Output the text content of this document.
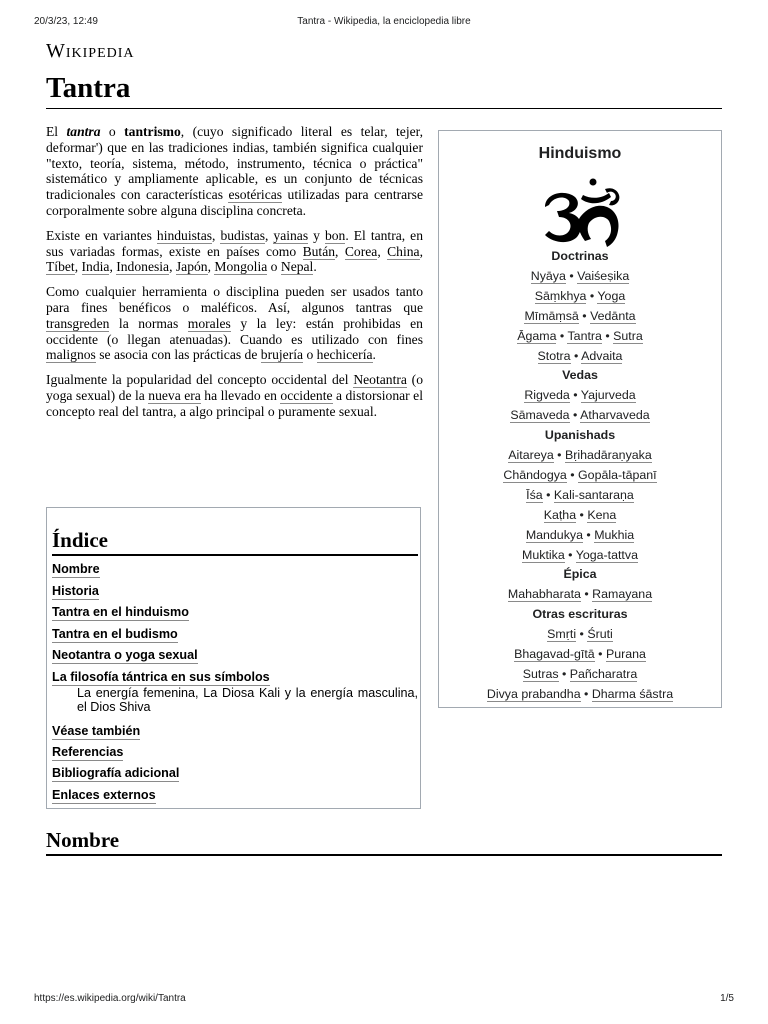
20/3/23, 12:49	Tantra - Wikipedia, la enciclopedia libre
Wikipedia
Tantra

El tantra o tantrismo, (cuyo significado literal es telar, tejer, deformar') que en las tradiciones indias, también significa cualquier "texto, teoría, sistema, método, instrumento, técnica o práctica" sistemático y ampliamente aplicable, es un conjunto de técnicas tradicionales con características esotéricas utilizadas para centrarse corporalmente sobre alguna disciplina concreta.

Existe en variantes hinduistas, budistas, yainas y bon. El tantra, en sus variadas formas, existe en países como Bután, Corea, China, Tíbet, India, Indonesia, Japón, Mongolia o Nepal.

Como cualquier herramienta o disciplina pueden ser usados tanto para fines benéficos o maléficos. Así, algunos tantras que transgreden la normas morales y la ley: están prohibidas en occidente (o llegan atenuadas). Cuando es utilizado con fines malignos se asocia con las prácticas de brujería o hechicería.

Igualmente la popularidad del concepto occidental del Neotantra (o yoga sexual) de la nueva era ha llevado en occidente a distorsionar el concepto real del tantra, a algo principal o puramente sexual.

Índice
Nombre
Historia
Tantra en el hinduismo
Tantra en el budismo
Neotantra o yoga sexual
La filosofía tántrica en sus símbolos
La energía femenina, La Diosa Kali y la energía masculina, el Dios Shiva
Véase también
Referencias
Bibliografía adicional
Enlaces externos
Nombre
Hinduismo
Doctrinas
Nyāya • Vaiśeṣika
Sāṃkhya • Yoga
Mīmāṃsā • Vedānta
Āgama • Tantra • Sutra
Stotra • Advaita
Vedas
Rigveda • Yajurveda
Sāmaveda • Atharvaveda
Upanishads
Aitareya • Bṛihadāraṇyaka
Chāndogya • Gopāla-tāpanī
Īśa • Kali-santaraṇa
Kaṭha • Kena
Mandukya • Mukhia
Muktika • Yoga-tattva
Épica
Mahabharata • Ramayana
Otras escrituras
Smṛti • Śruti
Bhagavad-gītā • Purana
Sutras • Pañcharatra
Divya prabandha • Dharma śāstra
https://es.wikipedia.org/wiki/Tantra	1/5
